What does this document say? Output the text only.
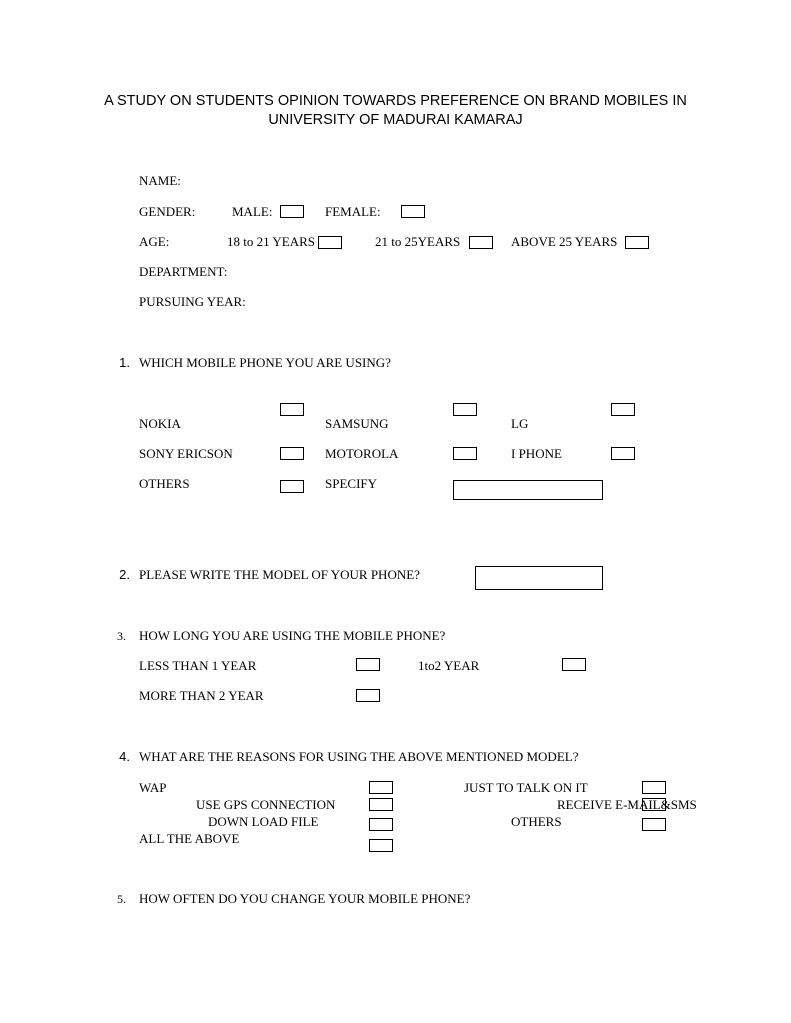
A STUDY ON STUDENTS OPINION TOWARDS PREFERENCE ON BRAND MOBILES IN
UNIVERSITY OF MADURAI KAMARAJ
NAME:
GENDER:	MALE:	FEMALE:
AGE:	18 to 21 YEARS	21 to 25YEARS	ABOVE 25 YEARS
DEPARTMENT:
PURSUING YEAR:
1. WHICH MOBILE PHONE YOU ARE USING?
NOKIA	SAMSUNG	LG
SONY ERICSON	MOTOROLA	I PHONE
OTHERS	SPECIFY
2. PLEASE WRITE THE MODEL OF YOUR PHONE?
3. HOW LONG YOU ARE USING THE MOBILE PHONE?
LESS THAN 1 YEAR	1to2 YEAR
MORE THAN 2 YEAR
4. WHAT ARE THE REASONS FOR USING THE ABOVE MENTIONED MODEL?
WAP	JUST TO TALK ON IT
USE GPS CONNECTION	RECEIVE E-MAIL&SMS
DOWN LOAD FILE	OTHERS
ALL THE ABOVE
5. HOW OFTEN DO YOU CHANGE YOUR MOBILE PHONE?
